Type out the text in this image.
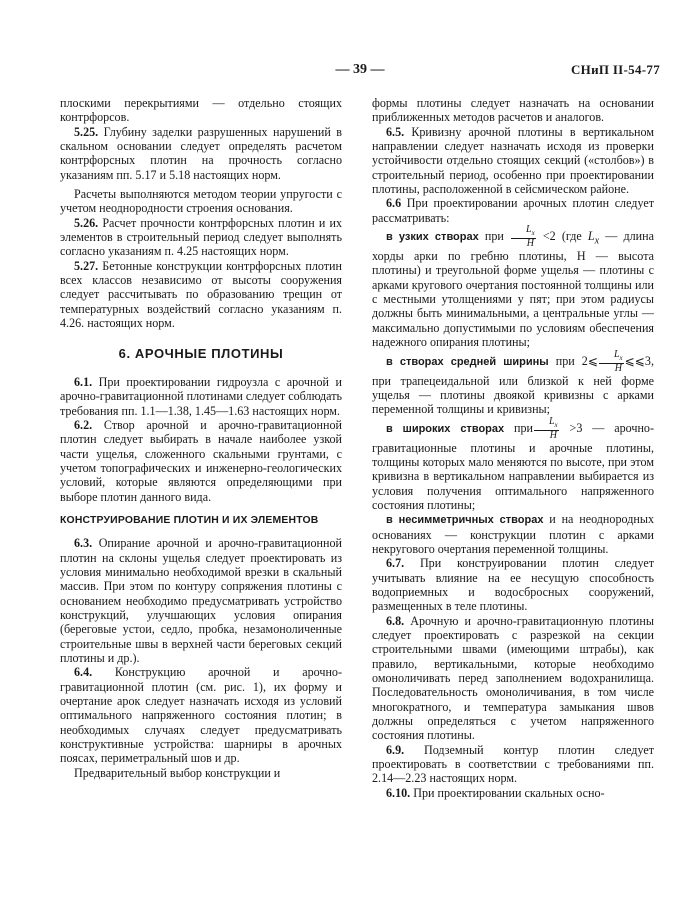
— 39 —	СНиП II-54-77

плоскими перекрытиями — отдельно стоящих контрфорсов.

5.25. Глубину заделки разрушенных нарушений в скальном основании следует определять расчетом контрфорсных плотин на прочность согласно указаниям пп. 5.17 и 5.18 настоящих норм.

Расчеты выполняются методом теории упругости с учетом неоднородности строения основания.

5.26. Расчет прочности контрфорсных плотин и их элементов в строительный период следует выполнять согласно указаниям п. 4.25 настоящих норм.

5.27. Бетонные конструкции контрфорсных плотин всех классов независимо от высоты сооружения следует рассчитывать по образованию трещин от температурных воздействий согласно указаниям п. 4.26. настоящих норм.

6. АРОЧНЫЕ ПЛОТИНЫ

6.1. При проектировании гидроузла с арочной и арочно-гравитационной плотинами следует соблюдать требования пп. 1.1—1.38, 1.45—1.63 настоящих норм.

6.2. Створ арочной и арочно-гравитационной плотин следует выбирать в начале наиболее узкой части ущелья, сложенного скальными грунтами, с учетом топографических и инженерно-геологических условий, которые являются определяющими при выборе плотин данного вида.

КОНСТРУИРОВАНИЕ ПЛОТИН И ИХ ЭЛЕМЕНТОВ

6.3. Опирание арочной и арочно-гравитационной плотин на склоны ущелья следует проектировать из условия минимально необходимой врезки в скальный массив. При этом по контуру сопряжения плотины с основанием необходимо предусматривать устройство конструкций, улучшающих условия опирания (береговые устои, седло, пробка, незамоноличенные строительные швы в верхней части береговых секций плотины и др.).

6.4. Конструкцию арочной и арочно-гравитационной плотин (см. рис. 1), их форму и очертание арок следует назначать исходя из условий оптимального напряженного состояния плотин; в необходимых случаях следует предусматривать конструктивные устройства: шарниры в арочных поясах, периметральный шов и др.

Предварительный выбор конструкции и

формы плотины следует назначать на основании приближенных методов расчетов и аналогов.

6.5. Кривизну арочной плотины в вертикальном направлении следует назначать исходя из проверки устойчивости отдельно стоящих секций («столбов») в строительный период, особенно при проектировании плотины, расположенной в сейсмическом районе.

6.6 При проектировании арочных плотин следует рассматривать:

в узких створах при $\frac{L_x}{H} <2$ (где $L_x$ — длина хорды арки по гребню плотины, H — высота плотины) и треугольной форме ущелья — плотины с арками кругового очертания постоянной толщины или с местными утолщениями у пят; при этом радиусы должны быть минимальными, а центральные углы — максимально допустимыми по условиям обеспечения надежного опирания плотины;

в створах средней ширины при 2⩽ $\frac{L_x}{H}$ ⩽⩽3, при трапецеидальной или близкой к ней форме ущелья — плотины двоякой кривизны с арками переменной толщины и кривизны;

в широких створах при $\frac{L_x}{H} >3$ — арочно-гравитационные плотины и арочные плотины, толщины которых мало меняются по высоте, при этом кривизна в вертикальном направлении выбирается из условия получения оптимального напряженного состояния плотины;

в несимметричных створах и на неоднородных основаниях — конструкции плотин с арками некругового очертания переменной толщины.

6.7. При конструировании плотин следует учитывать влияние на ее несущую способность водоприемных и водосбросных сооружений, размещенных в теле плотины.

6.8. Арочную и арочно-гравитационную плотины следует проектировать с разрезкой на секции строительными швами (имеющими штрабы), как правило, вертикальными, которые необходимо омоноличивать перед заполнением водохранилища. Последовательность омоноличивания, в том числе многократного, и температура замыкания швов должны определяться с учетом напряженного состояния плотины.

6.9. Подземный контур плотин следует проектировать в соответствии с требованиями пп. 2.14—2.23 настоящих норм.

6.10. При проектировании скальных осно-
